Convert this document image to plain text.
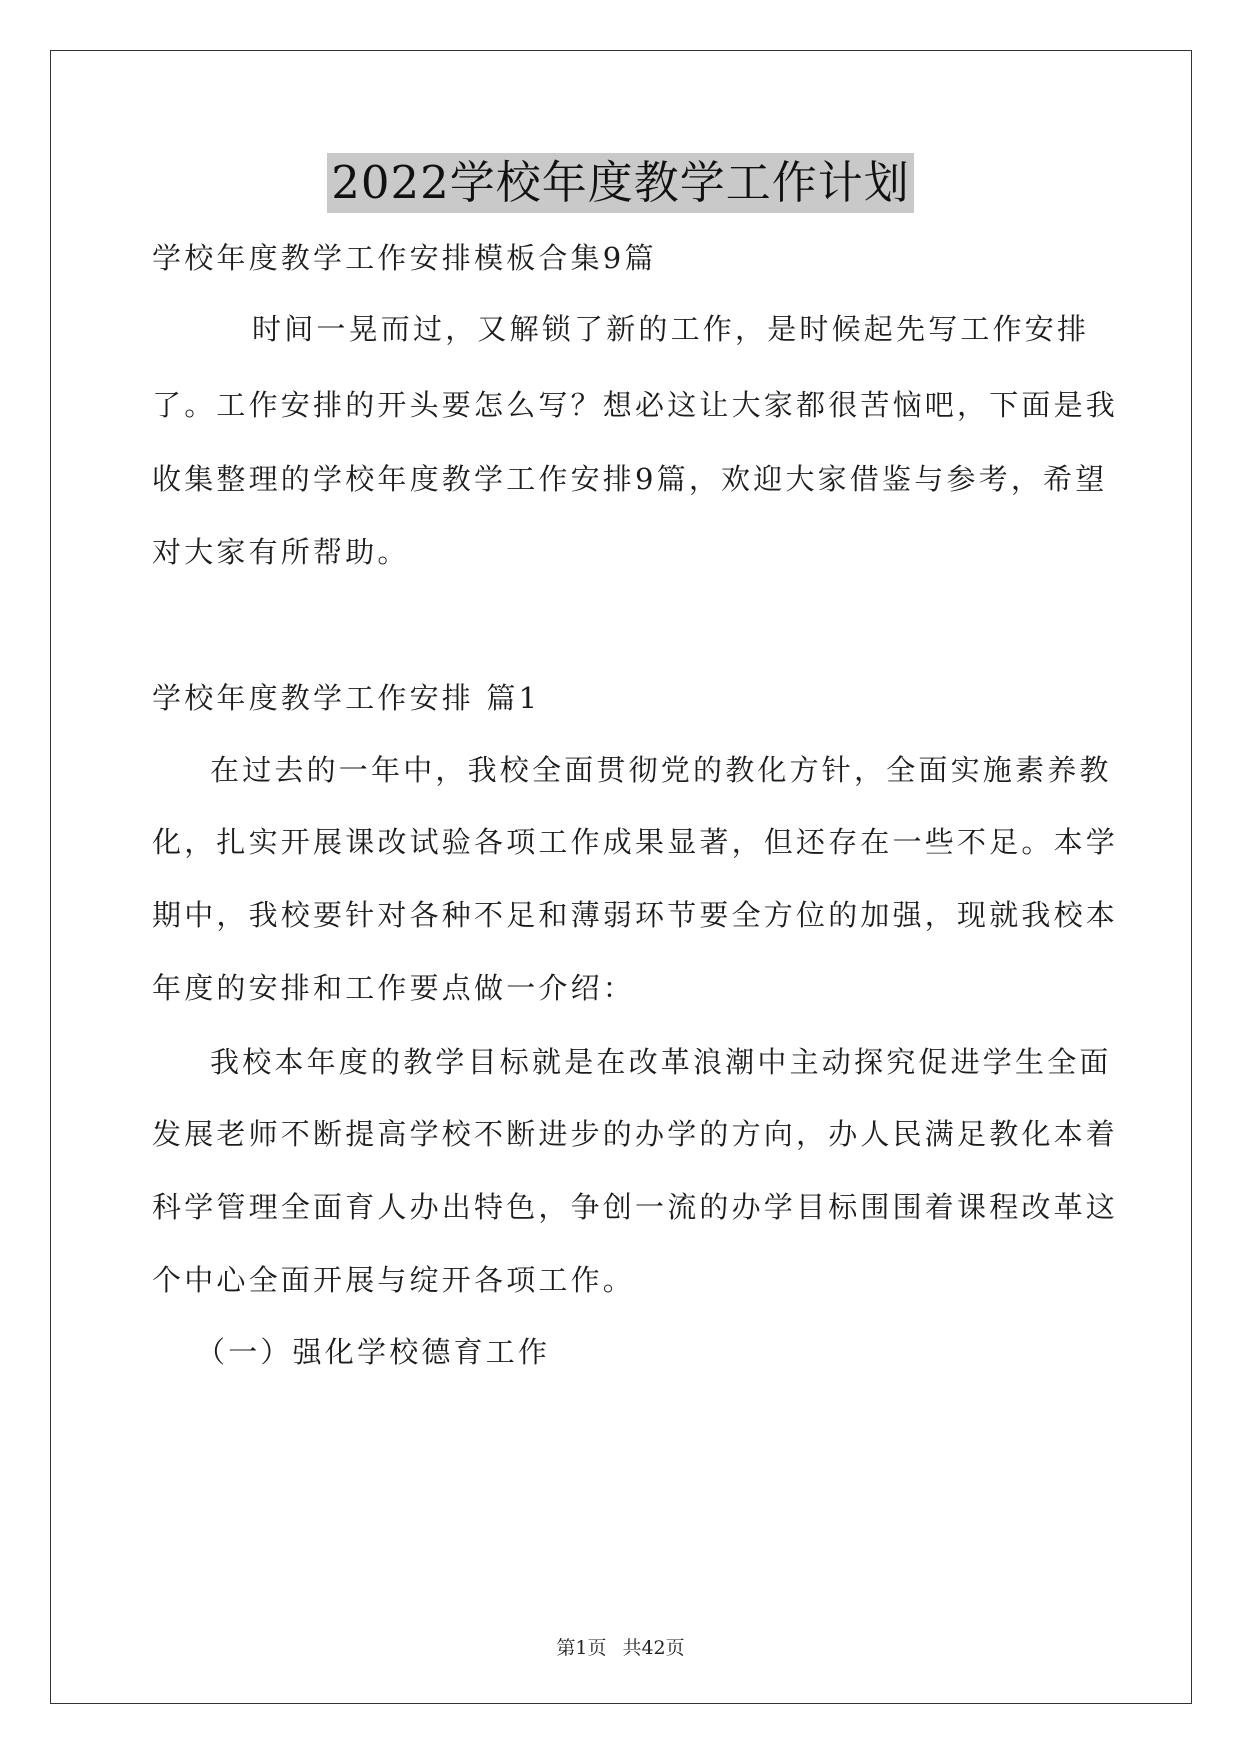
2022学校年度教学工作计划
学校年度教学工作安排模板合集9篇
时间一晃而过，又解锁了新的工作，是时候起先写工作安排
了。工作安排的开头要怎么写？想必这让大家都很苦恼吧，下面是我
收集整理的学校年度教学工作安排9篇，欢迎大家借鉴与参考，希望
对大家有所帮助。
学校年度教学工作安排 篇1
在过去的一年中，我校全面贯彻党的教化方针，全面实施素养教
化，扎实开展课改试验各项工作成果显著，但还存在一些不足。本学
期中，我校要针对各种不足和薄弱环节要全方位的加强，现就我校本
年度的安排和工作要点做一介绍：
我校本年度的教学目标就是在改革浪潮中主动探究促进学生全面
发展老师不断提高学校不断进步的办学的方向，办人民满足教化本着
科学管理全面育人办出特色，争创一流的办学目标围围着课程改革这
个中心全面开展与绽开各项工作。
（一）强化学校德育工作
第1页 共42页
